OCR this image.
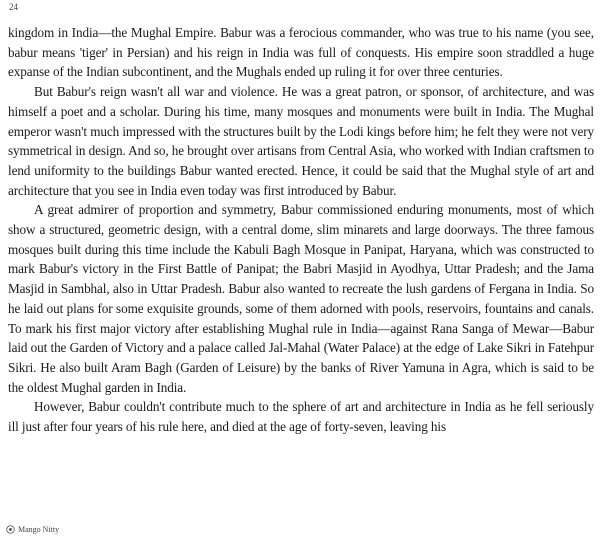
24

kingdom in India—the Mughal Empire. Babur was a ferocious commander, who was true to his name (you see, babur means 'tiger' in Persian) and his reign in India was full of conquests. His empire soon straddled a huge expanse of the Indian subcontinent, and the Mughals ended up ruling it for over three centuries.

But Babur's reign wasn't all war and violence. He was a great patron, or sponsor, of architecture, and was himself a poet and a scholar. During his time, many mosques and monuments were built in India. The Mughal emperor wasn't much impressed with the structures built by the Lodi kings before him; he felt they were not very symmetrical in design. And so, he brought over artisans from Central Asia, who worked with Indian craftsmen to lend uniformity to the buildings Babur wanted erected. Hence, it could be said that the Mughal style of art and architecture that you see in India even today was first introduced by Babur.

A great admirer of proportion and symmetry, Babur commissioned enduring monuments, most of which show a structured, geometric design, with a central dome, slim minarets and large doorways. The three famous mosques built during this time include the Kabuli Bagh Mosque in Panipat, Haryana, which was constructed to mark Babur's victory in the First Battle of Panipat; the Babri Masjid in Ayodhya, Uttar Pradesh; and the Jama Masjid in Sambhal, also in Uttar Pradesh. Babur also wanted to recreate the lush gardens of Fergana in India. So he laid out plans for some exquisite grounds, some of them adorned with pools, reservoirs, fountains and canals. To mark his first major victory after establishing Mughal rule in India—against Rana Sanga of Mewar—Babur laid out the Garden of Victory and a palace called Jal-Mahal (Water Palace) at the edge of Lake Sikri in Fatehpur Sikri. He also built Aram Bagh (Garden of Leisure) by the banks of River Yamuna in Agra, which is said to be the oldest Mughal garden in India.

However, Babur couldn't contribute much to the sphere of art and architecture in India as he fell seriously ill just after four years of his rule here, and died at the age of forty-seven, leaving his

Mango Nitty
